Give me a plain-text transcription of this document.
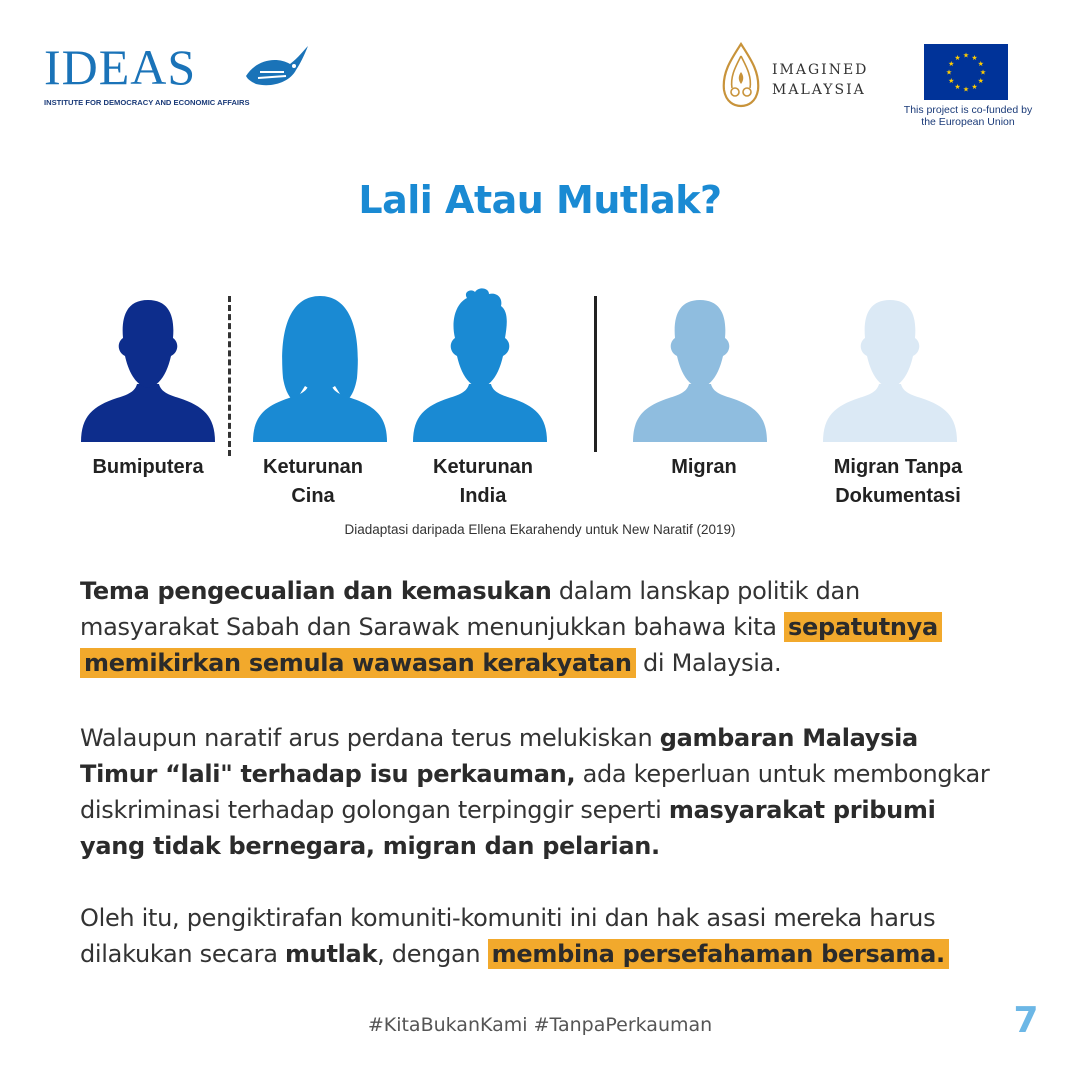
IDEAS
INSTITUTE FOR DEMOCRACY AND ECONOMIC AFFAIRS
IMAGINED
MALAYSIA
★
★
★
★
★
★
★
★
★ ★ ★
★
This project is co-funded by
the European Union
Lali Atau Mutlak?
Bumiputera	Keturunan
Cina
Keturunan
India
Migran	Migran Tanpa
Dokumentasi
Diadaptasi daripada Ellena Ekarahendy untuk New Naratif (2019)
Tema pengecualian dan kemasukan dalam lanskap politik dan masyarakat Sabah dan Sarawak menunjukkan bahawa kita sepatutnya memikirkan semula wawasan kerakyatan di Malaysia.
Walaupun naratif arus perdana terus melukiskan gambaran Malaysia Timur “lali" terhadap isu perkauman, ada keperluan untuk membongkar diskriminasi terhadap golongan terpinggir seperti masyarakat pribumi yang tidak bernegara, migran dan pelarian.
Oleh itu, pengiktirafan komuniti-komuniti ini dan hak asasi mereka harus dilakukan secara mutlak, dengan membina persefahaman bersama.
#KitaBukanKami #TanpaPerkauman	7
